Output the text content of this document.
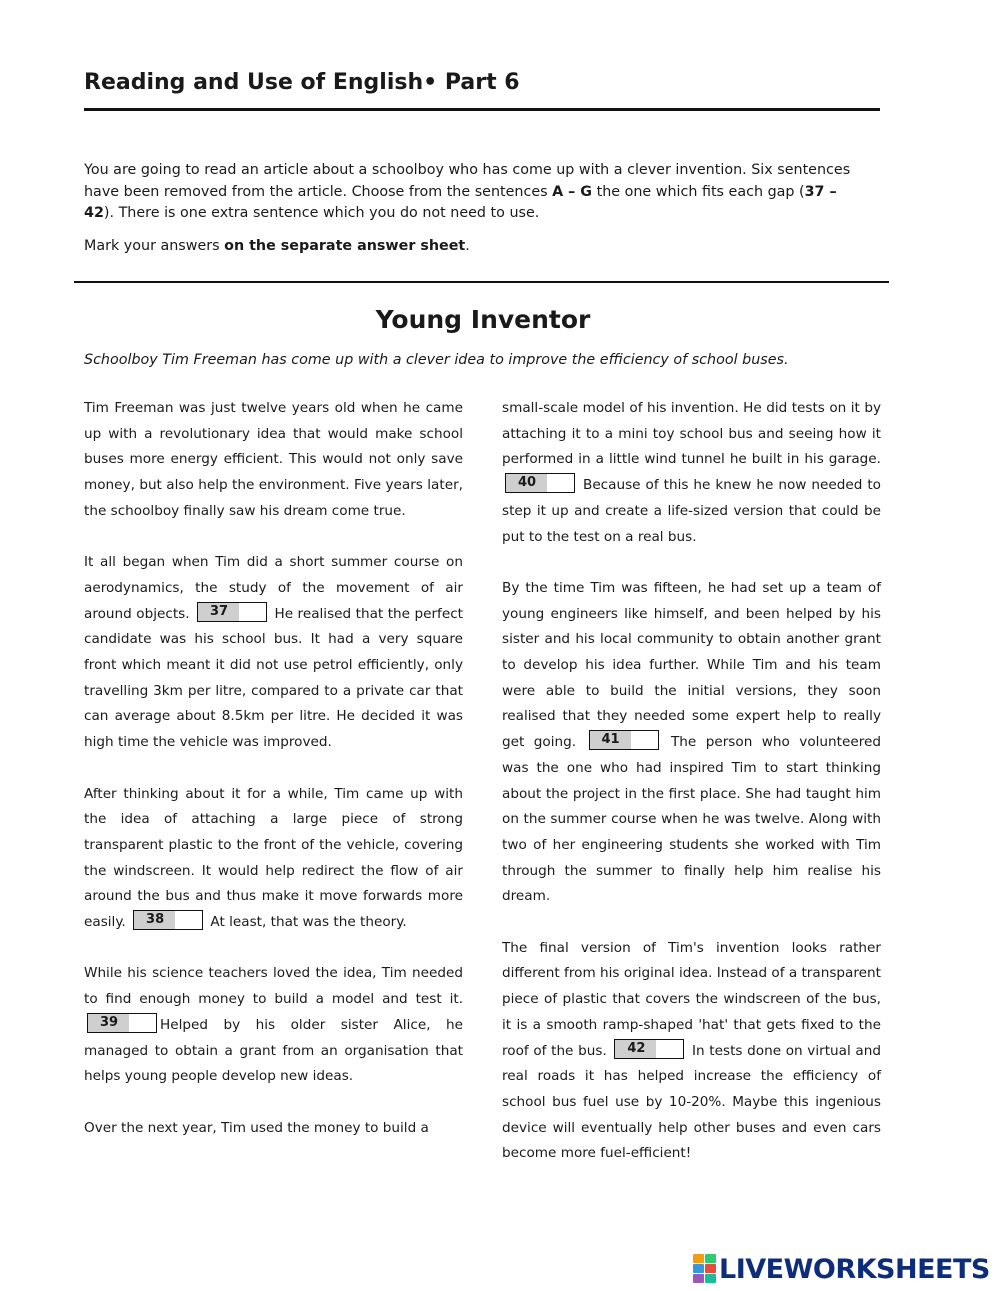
Reading and Use of English• Part 6

You are going to read an article about a schoolboy who has come up with a clever invention. Six sentences have been removed from the article. Choose from the sentences A – G the one which fits each gap (37 – 42). There is one extra sentence which you do not need to use.

Mark your answers on the separate answer sheet.

Young Inventor
Schoolboy Tim Freeman has come up with a clever idea to improve the efficiency of school buses.

Tim Freeman was just twelve years old when he came up with a revolutionary idea that would make school buses more energy efficient. This would not only save money, but also help the environment. Five years later, the schoolboy finally saw his dream come true.

It all began when Tim did a short summer course on aerodynamics, the study of the movement of air around objects.	37	He realised that the perfect candidate was his school bus. It had a very square front which meant it did not use petrol efficiently, only travelling 3km per litre, compared to a private car that can average about 8.5km per litre. He decided it was high time the vehicle was improved.

After thinking about it for a while, Tim came up with the idea of attaching a large piece of strong transparent plastic to the front of the vehicle, covering the windscreen. It would help redirect the flow of air around the bus and thus make it move forwards more easily.	38	At least, that was the theory.

While his science teachers loved the idea, Tim needed to find enough money to build a model and test it.
39	Helped by his older sister Alice, he managed to obtain a grant from an organisation that helps young people develop new ideas.

Over the next year, Tim used the money to build a

small-scale model of his invention. He did tests on it by attaching it to a mini toy school bus and seeing how it performed in a little wind tunnel he built in his garage.
40	Because of this he knew he now needed to step it up and create a life-sized version that could be put to the test on a real bus.

By the time Tim was fifteen, he had set up a team of young engineers like himself, and been helped by his sister and his local community to obtain another grant to develop his idea further. While Tim and his team were able to build the initial versions, they soon realised that they needed some expert help to really get going.	41	The person who volunteered was the one who had inspired Tim to start thinking about the project in the first place. She had taught him on the summer course when he was twelve. Along with two of her engineering students she worked with Tim through the summer to finally help him realise his dream.

The final version of Tim's invention looks rather different from his original idea. Instead of a transparent piece of plastic that covers the windscreen of the bus, it is a smooth ramp-shaped 'hat' that gets fixed to the roof of the bus.	42	In tests done on virtual and real roads it has helped increase the efficiency of school bus fuel use by 10-20%. Maybe this ingenious device will eventually help other buses and even cars become more fuel-efficient!

LIVEWORKSHEETS
